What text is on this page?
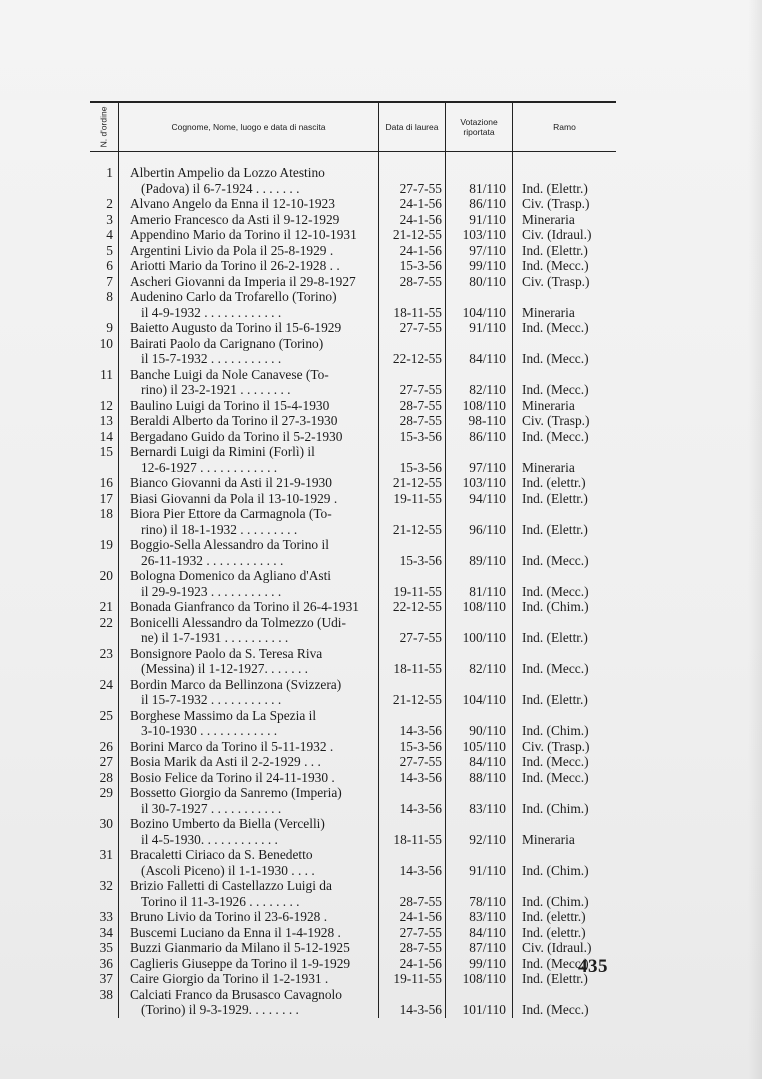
N. d'ordine	Cognome, Nome, luogo e data di nascita	Data di laurea	Votazione riportata	Ramo
1	Albertin Ampelio da Lozzo Atestino
(Padova) il 6-7-1924 . . . . . . .	27-7-55	81/110	Ind. (Elettr.)
2	Alvano Angelo da Enna il 12-10-1923	24-1-56	86/110	Civ. (Trasp.)
3	Amerio Francesco da Asti il 9-12-1929	24-1-56	91/110	Mineraria
4	Appendino Mario da Torino il 12-10-1931	21-12-55	103/110	Civ. (Idraul.)
5	Argentini Livio da Pola il 25-8-1929 .	24-1-56	97/110	Ind. (Elettr.)
6	Ariotti Mario da Torino il 26-2-1928 . .	15-3-56	99/110	Ind. (Mecc.)
7	Ascheri Giovanni da Imperia il 29-8-1927	28-7-55	80/110	Civ. (Trasp.)
8	Audenino Carlo da Trofarello (Torino)
il 4-9-1932 . . . . . . . . . . . .	18-11-55	104/110	Mineraria
9	Baietto Augusto da Torino il 15-6-1929	27-7-55	91/110	Ind. (Mecc.)
10	Bairati Paolo da Carignano (Torino)
il 15-7-1932 . . . . . . . . . . .	22-12-55	84/110	Ind. (Mecc.)
11	Banche Luigi da Nole Canavese (To-
rino) il 23-2-1921 . . . . . . . .	27-7-55	82/110	Ind. (Mecc.)
12	Baulino Luigi da Torino il 15-4-1930	28-7-55	108/110	Mineraria
13	Beraldi Alberto da Torino il 27-3-1930	28-7-55	98-110	Civ. (Trasp.)
14	Bergadano Guido da Torino il 5-2-1930	15-3-56	86/110	Ind. (Mecc.)
15	Bernardi Luigi da Rimini (Forlì) il
12-6-1927 . . . . . . . . . . . .	15-3-56	97/110	Mineraria
16	Bianco Giovanni da Asti il 21-9-1930	21-12-55	103/110	Ind. (elettr.)
17	Biasi Giovanni da Pola il 13-10-1929 .	19-11-55	94/110	Ind. (Elettr.)
18	Biora Pier Ettore da Carmagnola (To-
rino) il 18-1-1932 . . . . . . . . .	21-12-55	96/110	Ind. (Elettr.)
19	Boggio-Sella Alessandro da Torino il
26-11-1932 . . . . . . . . . . . .	15-3-56	89/110	Ind. (Mecc.)
20	Bologna Domenico da Agliano d'Asti
il 29-9-1923 . . . . . . . . . . .	19-11-55	81/110	Ind. (Mecc.)
21	Bonada Gianfranco da Torino il 26-4-1931	22-12-55	108/110	Ind. (Chim.)
22	Bonicelli Alessandro da Tolmezzo (Udi-
ne) il 1-7-1931 . . . . . . . . . .	27-7-55	100/110	Ind. (Elettr.)
23	Bonsignore Paolo da S. Teresa Riva
(Messina) il 1-12-1927. . . . . . .	18-11-55	82/110	Ind. (Mecc.)
24	Bordin Marco da Bellinzona (Svizzera)
il 15-7-1932 . . . . . . . . . . .	21-12-55	104/110	Ind. (Elettr.)
25	Borghese Massimo da La Spezia il
3-10-1930 . . . . . . . . . . . .	14-3-56	90/110	Ind. (Chim.)
26	Borini Marco da Torino il 5-11-1932 .	15-3-56	105/110	Civ. (Trasp.)
27	Bosia Marik da Asti il 2-2-1929 . . .	27-7-55	84/110	Ind. (Mecc.)
28	Bosio Felice da Torino il 24-11-1930 .	14-3-56	88/110	Ind. (Mecc.)
29	Bossetto Giorgio da Sanremo (Imperia)
il 30-7-1927 . . . . . . . . . . .	14-3-56	83/110	Ind. (Chim.)
30	Bozino Umberto da Biella (Vercelli)
il 4-5-1930. . . . . . . . . . . .	18-11-55	92/110	Mineraria
31	Bracaletti Ciriaco da S. Benedetto
(Ascoli Piceno) il 1-1-1930 . . . .	14-3-56	91/110	Ind. (Chim.)
32	Brizio Falletti di Castellazzo Luigi da
Torino il 11-3-1926 . . . . . . . .	28-7-55	78/110	Ind. (Chim.)
33	Bruno Livio da Torino il 23-6-1928 .	24-1-56	83/110	Ind. (elettr.)
34	Buscemi Luciano da Enna il 1-4-1928 .	27-7-55	84/110	Ind. (elettr.)
35	Buzzi Gianmario da Milano il 5-12-1925	28-7-55	87/110	Civ. (Idraul.)
36	Caglieris Giuseppe da Torino il 1-9-1929	24-1-56	99/110	Ind. (Mecc.)
37	Caire Giorgio da Torino il 1-2-1931 .	19-11-55	108/110	Ind. (Elettr.)
38	Calciati Franco da Brusasco Cavagnolo
(Torino) il 9-3-1929. . . . . . . .	14-3-56	101/110	Ind. (Mecc.)
435
